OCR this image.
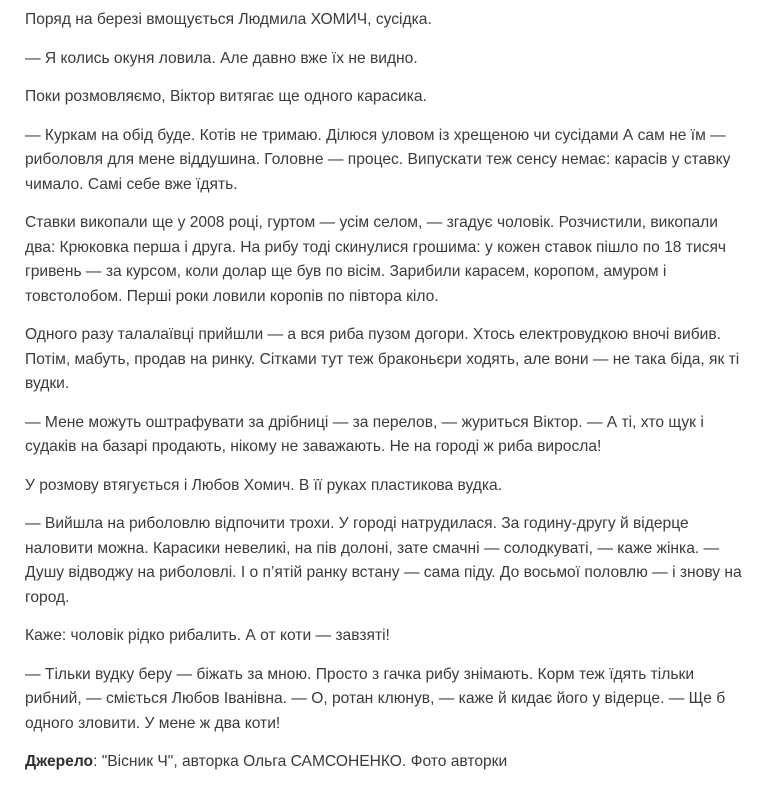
Поряд на березі вмощується Людмила ХОМИЧ, сусідка.

— Я колись окуня ловила. Але давно вже їх не видно.

Поки розмовляємо, Віктор витягає ще одного карасика.

— Куркам на обід буде. Котів не тримаю. Ділюся уловом із хрещеною чи сусідами А сам не їм — риболовля для мене віддушина. Головне — процес. Випускати теж сенсу немає: карасів у ставку чимало. Самі себе вже їдять.

Ставки викопали ще у 2008 році, гуртом — усім селом, — згадує чоловік. Розчистили, викопали два: Крюковка перша і друга. На рибу тоді скинулися грошима: у кожен ставок пішло по 18 тисяч гривень — за курсом, коли долар ще був по вісім. Зарибили карасем, коропом, амуром і товстолобом. Перші роки ловили коропів по півтора кіло.

Одного разу талалаївці прийшли — а вся риба пузом догори. Хтось електровудкою вночі вибив. Потім, мабуть, продав на ринку. Сітками тут теж браконьєри ходять, але вони — не така біда, як ті вудки.

— Мене можуть оштрафувати за дрібниці — за перелов, — журиться Віктор. — А ті, хто щук і судаків на базарі продають, нікому не заважають. Не на городі ж риба виросла!

У розмову втягується і Любов Хомич. В її руках пластикова вудка.

— Вийшла на риболовлю відпочити трохи. У городі натрудилася. За годину-другу й відерце наловити можна. Карасики невеликі, на пів долоні, зате смачні — солодкуваті, — каже жінка. — Душу відводжу на риболовлі. І о п’ятій ранку встану — сама піду. До восьмої половлю — і знову на город.

Каже: чоловік рідко рибалить. А от коти — завзяті!

— Тільки вудку беру — біжать за мною. Просто з гачка рибу знімають. Корм теж їдять тільки рибний, — сміється Любов Іванівна. — О, ротан клюнув, — каже й кидає його у відерце. — Ще б одного зловити. У мене ж два коти!

Джерело: "Вісник Ч", авторка Ольга САМСОНЕНКО. Фото авторки
